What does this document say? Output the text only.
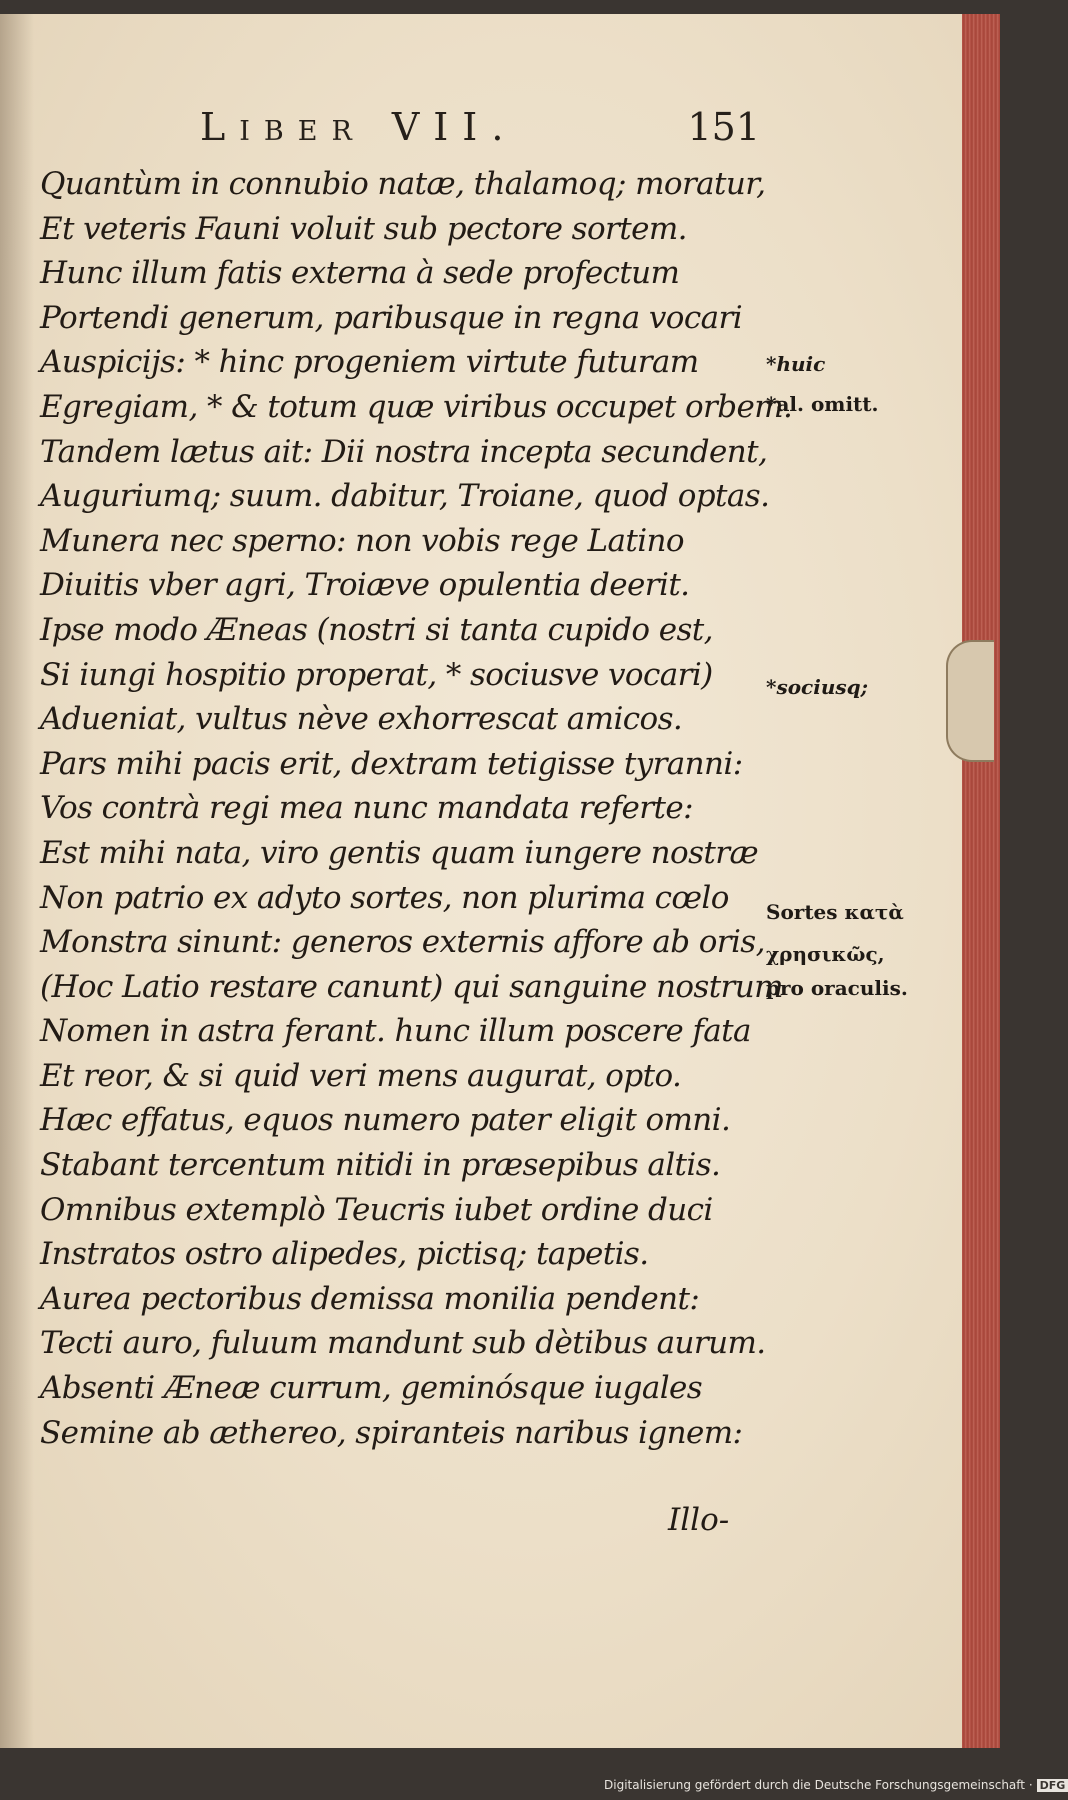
Liber VII.	151
Quantùm in connubio natæ, thalamoq; moratur,
Et veteris Fauni voluit sub pectore sortem.
Hunc illum fatis externa à sede profectum
Portendi generum, paribusque in regna vocari
Auspicijs: * hinc progeniem virtute futuram
Egregiam, * & totum quæ viribus occupet orbem.
Tandem lætus ait: Dii nostra incepta secundent,
Auguriumq; suum. dabitur, Troiane, quod optas.
Munera nec sperno: non vobis rege Latino
Diuitis vber agri, Troiæve opulentia deerit.
Ipse modo Æneas (nostri si tanta cupido est,
Si iungi hospitio properat, * sociusve vocari)
Adueniat, vultus nève exhorrescat amicos.
Pars mihi pacis erit, dextram tetigisse tyranni:
Vos contrà regi mea nunc mandata referte:
Est mihi nata, viro gentis quam iungere nostræ
Non patrio ex adyto sortes, non plurima cœlo
Monstra sinunt: generos externis affore ab oris,
(Hoc Latio restare canunt) qui sanguine nostrum
Nomen in astra ferant. hunc illum poscere fata
Et reor, & si quid veri mens augurat, opto.
Hæc effatus, equos numero pater eligit omni.
Stabant tercentum nitidi in præsepibus altis.
Omnibus extemplò Teucris iubet ordine duci
Instratos ostro alipedes, pictisq; tapetis.
Aurea pectoribus demissa monilia pendent:
Tecti auro, fuluum mandunt sub dètibus aurum.
Absenti Æneæ currum, geminósque iugales
Semine ab æthereo, spiranteis naribus ignem:
Illo-
*huic
*al. omitt.
*sociusq;
Sortes κατὰ
χρησικῶς,
pro oraculis.
Digitalisierung gefördert durch die Deutsche Forschungsgemeinschaft · DFG
